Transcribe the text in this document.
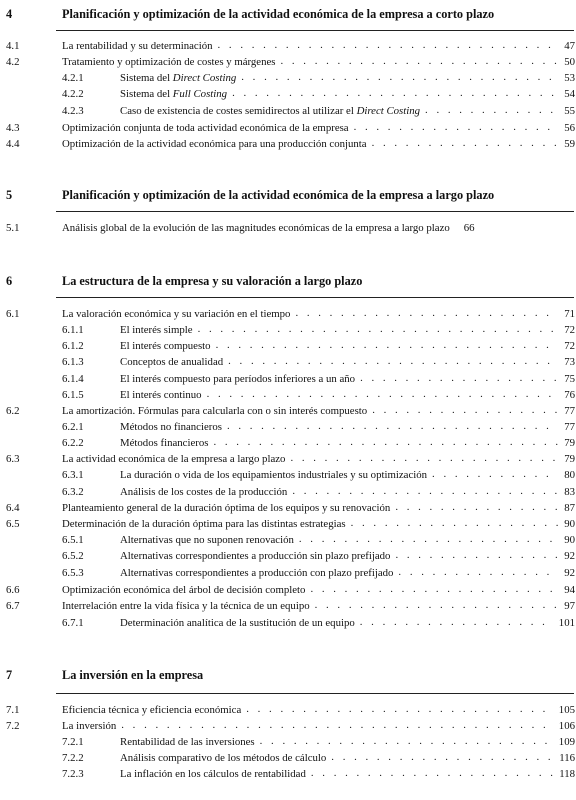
4	Planificación y optimización de la actividad económica de la empresa a corto plazo
4.1	La rentabilidad y su determinación . . .	47
4.2	Tratamiento y optimización de costes y márgenes . . .	50
4.2.1	Sistema del Direct Costing . . .	53
4.2.2	Sistema del Full Costing . . .	54
4.2.3	Caso de existencia de costes semidirectos al utilizar el Direct Costing . . .	55
4.3	Optimización conjunta de toda actividad económica de la empresa . . .	56
4.4	Optimización de la actividad económica para una producción conjunta . . .	59
5	Planificación y optimización de la actividad económica de la empresa a largo plazo
5.1	Análisis global de la evolución de las magnitudes económicas de la empresa a largo plazo 66
6	La estructura de la empresa y su valoración a largo plazo
6.1	La valoración económica y su variación en el tiempo . . .	71
6.1.1	El interés simple . . .	72
6.1.2	El interés compuesto . . .	72
6.1.3	Conceptos de anualidad . . .	73
6.1.4	El interés compuesto para períodos inferiores a un año . . .	75
6.1.5	El interés continuo . . .	76
6.2	La amortización. Fórmulas para calcularla con o sin interés compuesto . . .	77
6.2.1	Métodos no financieros . . .	77
6.2.2	Métodos financieros . . .	79
6.3	La actividad económica de la empresa a largo plazo . . .	79
6.3.1	La duración o vida de los equipamientos industriales y su optimización . . .	80
6.3.2	Análisis de los costes de la producción . . .	83
6.4	Planteamiento general de la duración óptima de los equipos y su renovación . . .	87
6.5	Determinación de la duración óptima para las distintas estrategias . . .	90
6.5.1	Alternativas que no suponen renovación . . .	90
6.5.2	Alternativas correspondientes a producción sin plazo prefijado . . .	92
6.5.3	Alternativas correspondientes a producción con plazo prefijado . . .	92
6.6	Optimización económica del árbol de decisión completo . . .	94
6.7	Interrelación entre la vida física y la técnica de un equipo . . .	97
6.7.1	Determinación analítica de la sustitución de un equipo . . .	101
7	La inversión en la empresa
7.1	Eficiencia técnica y eficiencia económica . . .	105
7.2	La inversión . . .	106
7.2.1	Rentabilidad de las inversiones . . .	109
7.2.2	Análisis comparativo de los métodos de cálculo . . .	116
7.2.3	La inflación en los cálculos de rentabilidad . . .	118
